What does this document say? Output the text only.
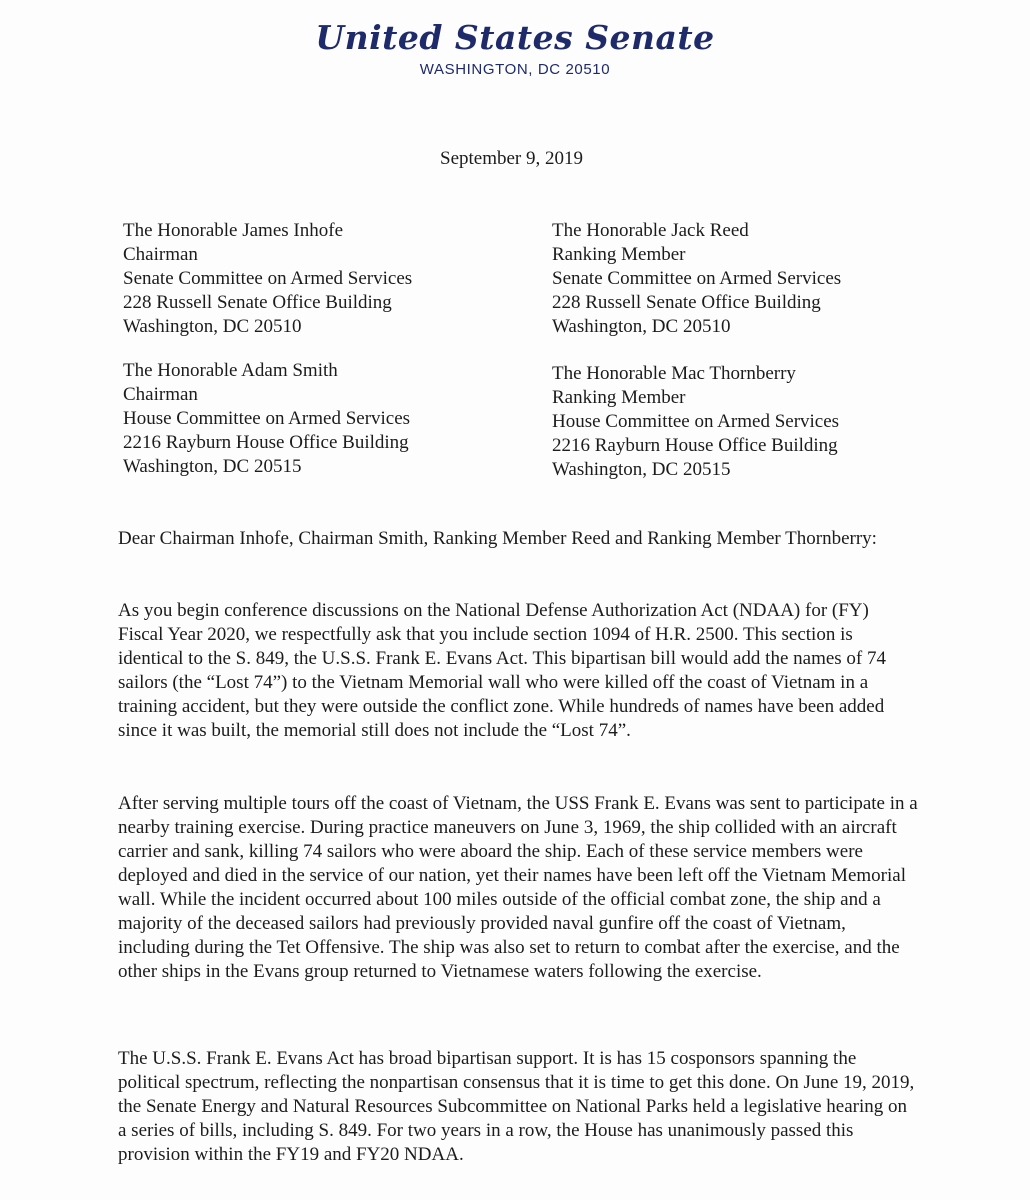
United States Senate
WASHINGTON, DC 20510
September 9, 2019
The Honorable James Inhofe
Chairman
Senate Committee on Armed Services
228 Russell Senate Office Building
Washington, DC 20510
The Honorable Jack Reed
Ranking Member
Senate Committee on Armed Services
228 Russell Senate Office Building
Washington, DC 20510
The Honorable Adam Smith
Chairman
House Committee on Armed Services
2216 Rayburn House Office Building
Washington, DC 20515
The Honorable Mac Thornberry
Ranking Member
House Committee on Armed Services
2216 Rayburn House Office Building
Washington, DC 20515
Dear Chairman Inhofe, Chairman Smith, Ranking Member Reed and Ranking Member Thornberry:
As you begin conference discussions on the National Defense Authorization Act (NDAA) for (FY) Fiscal Year 2020, we respectfully ask that you include section 1094 of H.R. 2500. This section is identical to the S. 849, the U.S.S. Frank E. Evans Act. This bipartisan bill would add the names of 74 sailors (the “Lost 74”) to the Vietnam Memorial wall who were killed off the coast of Vietnam in a training accident, but they were outside the conflict zone. While hundreds of names have been added since it was built, the memorial still does not include the “Lost 74”.
After serving multiple tours off the coast of Vietnam, the USS Frank E. Evans was sent to participate in a nearby training exercise. During practice maneuvers on June 3, 1969, the ship collided with an aircraft carrier and sank, killing 74 sailors who were aboard the ship. Each of these service members were deployed and died in the service of our nation, yet their names have been left off the Vietnam Memorial wall. While the incident occurred about 100 miles outside of the official combat zone, the ship and a majority of the deceased sailors had previously provided naval gunfire off the coast of Vietnam, including during the Tet Offensive. The ship was also set to return to combat after the exercise, and the other ships in the Evans group returned to Vietnamese waters following the exercise.
The U.S.S. Frank E. Evans Act has broad bipartisan support. It is has 15 cosponsors spanning the political spectrum, reflecting the nonpartisan consensus that it is time to get this done. On June 19, 2019, the Senate Energy and Natural Resources Subcommittee on National Parks held a legislative hearing on a series of bills, including S. 849. For two years in a row, the House has unanimously passed this provision within the FY19 and FY20 NDAA.
